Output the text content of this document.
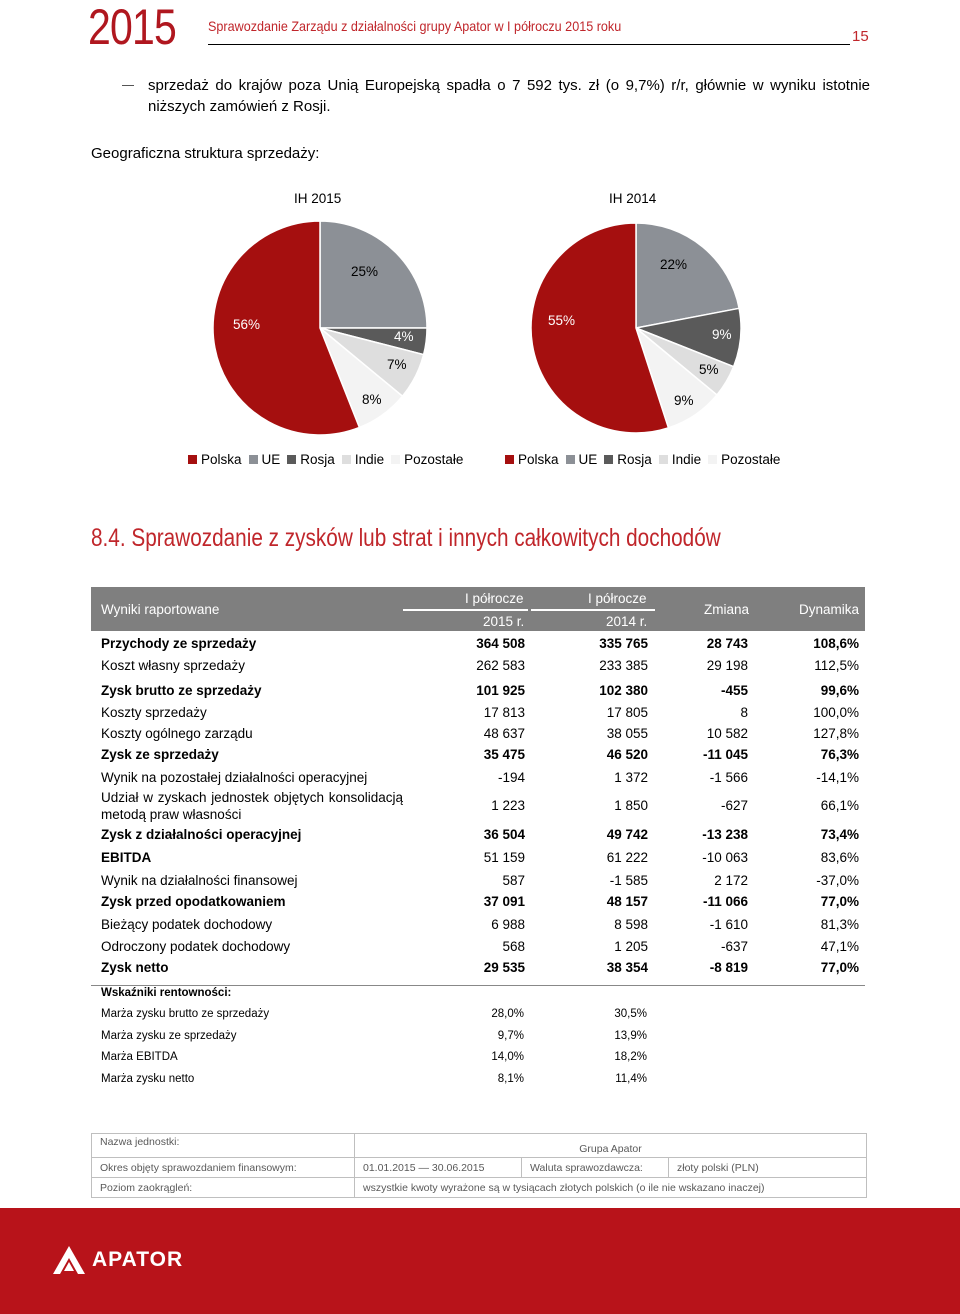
2015 Sprawozdanie Zarządu z działalności grupy Apator w I półroczu 2015 roku
15
sprzedaż do krajów poza Unią Europejską spadła o 7 592 tys. zł (o 9,7%) r/r, głównie w wyniku istotnie niższych zamówień z Rosji.
Geograficzna struktura sprzedaży:
IH 2015
25%
56%
4%
7%
8%
IH 2014
22%
55%
9%
5%
9%
Polska UE Rosja Indie Pozostałe	Polska UE Rosja Indie Pozostałe
8.4. Sprawozdanie z zysków lub strat i innych całkowitych dochodów
Wyniki raportowane
I półrocze
2015 r.
I półrocze
2014 r.
Zmiana	Dynamika
Przychody ze sprzedaży	364 508	335 765	28 743	108,6%
Koszt własny sprzedaży	262 583	233 385	29 198	112,5%
Zysk brutto ze sprzedaży	101 925	102 380	-455	99,6%
Koszty sprzedaży	17 813	17 805	8	100,0%
Koszty ogólnego zarządu	48 637	38 055	10 582	127,8%
Zysk ze sprzedaży	35 475	46 520	-11 045	76,3%
Wynik na pozostałej działalności operacyjnej	-194	1 372	-1 566	-14,1%
Udział w zyskach jednostek objętych konsolidacją
metodą praw własności
1 223	1 850	-627	66,1%
Zysk z działalności operacyjnej	36 504	49 742	-13 238	73,4%
EBITDA	51 159	61 222	-10 063	83,6%
Wynik na działalności finansowej	587	-1 585	2 172	-37,0%
Zysk przed opodatkowaniem	37 091	48 157	-11 066	77,0%
Bieżący podatek dochodowy	6 988	8 598	-1 610	81,3%
Odroczony podatek dochodowy	568	1 205	-637	47,1%
Zysk netto	29 535	38 354	-8 819	77,0%
Wskaźniki rentowności:
Marża zysku brutto ze sprzedaży	28,0%	30,5%
Marża zysku ze sprzedaży	9,7%	13,9%
Marża EBITDA	14,0%	18,2%
Marża zysku netto	8,1%	11,4%
Nazwa jednostki:	Grupa Apator		
Okres objęty sprawozdaniem finansowym:	01.01.2015 — 30.06.2015	Waluta sprawozdawcza:	złoty polski (PLN)
Poziom zaokrągleń:	wszystkie kwoty wyrażone są w tysiącach złotych polskich (o ile nie wskazano inaczej)		
APATOR
